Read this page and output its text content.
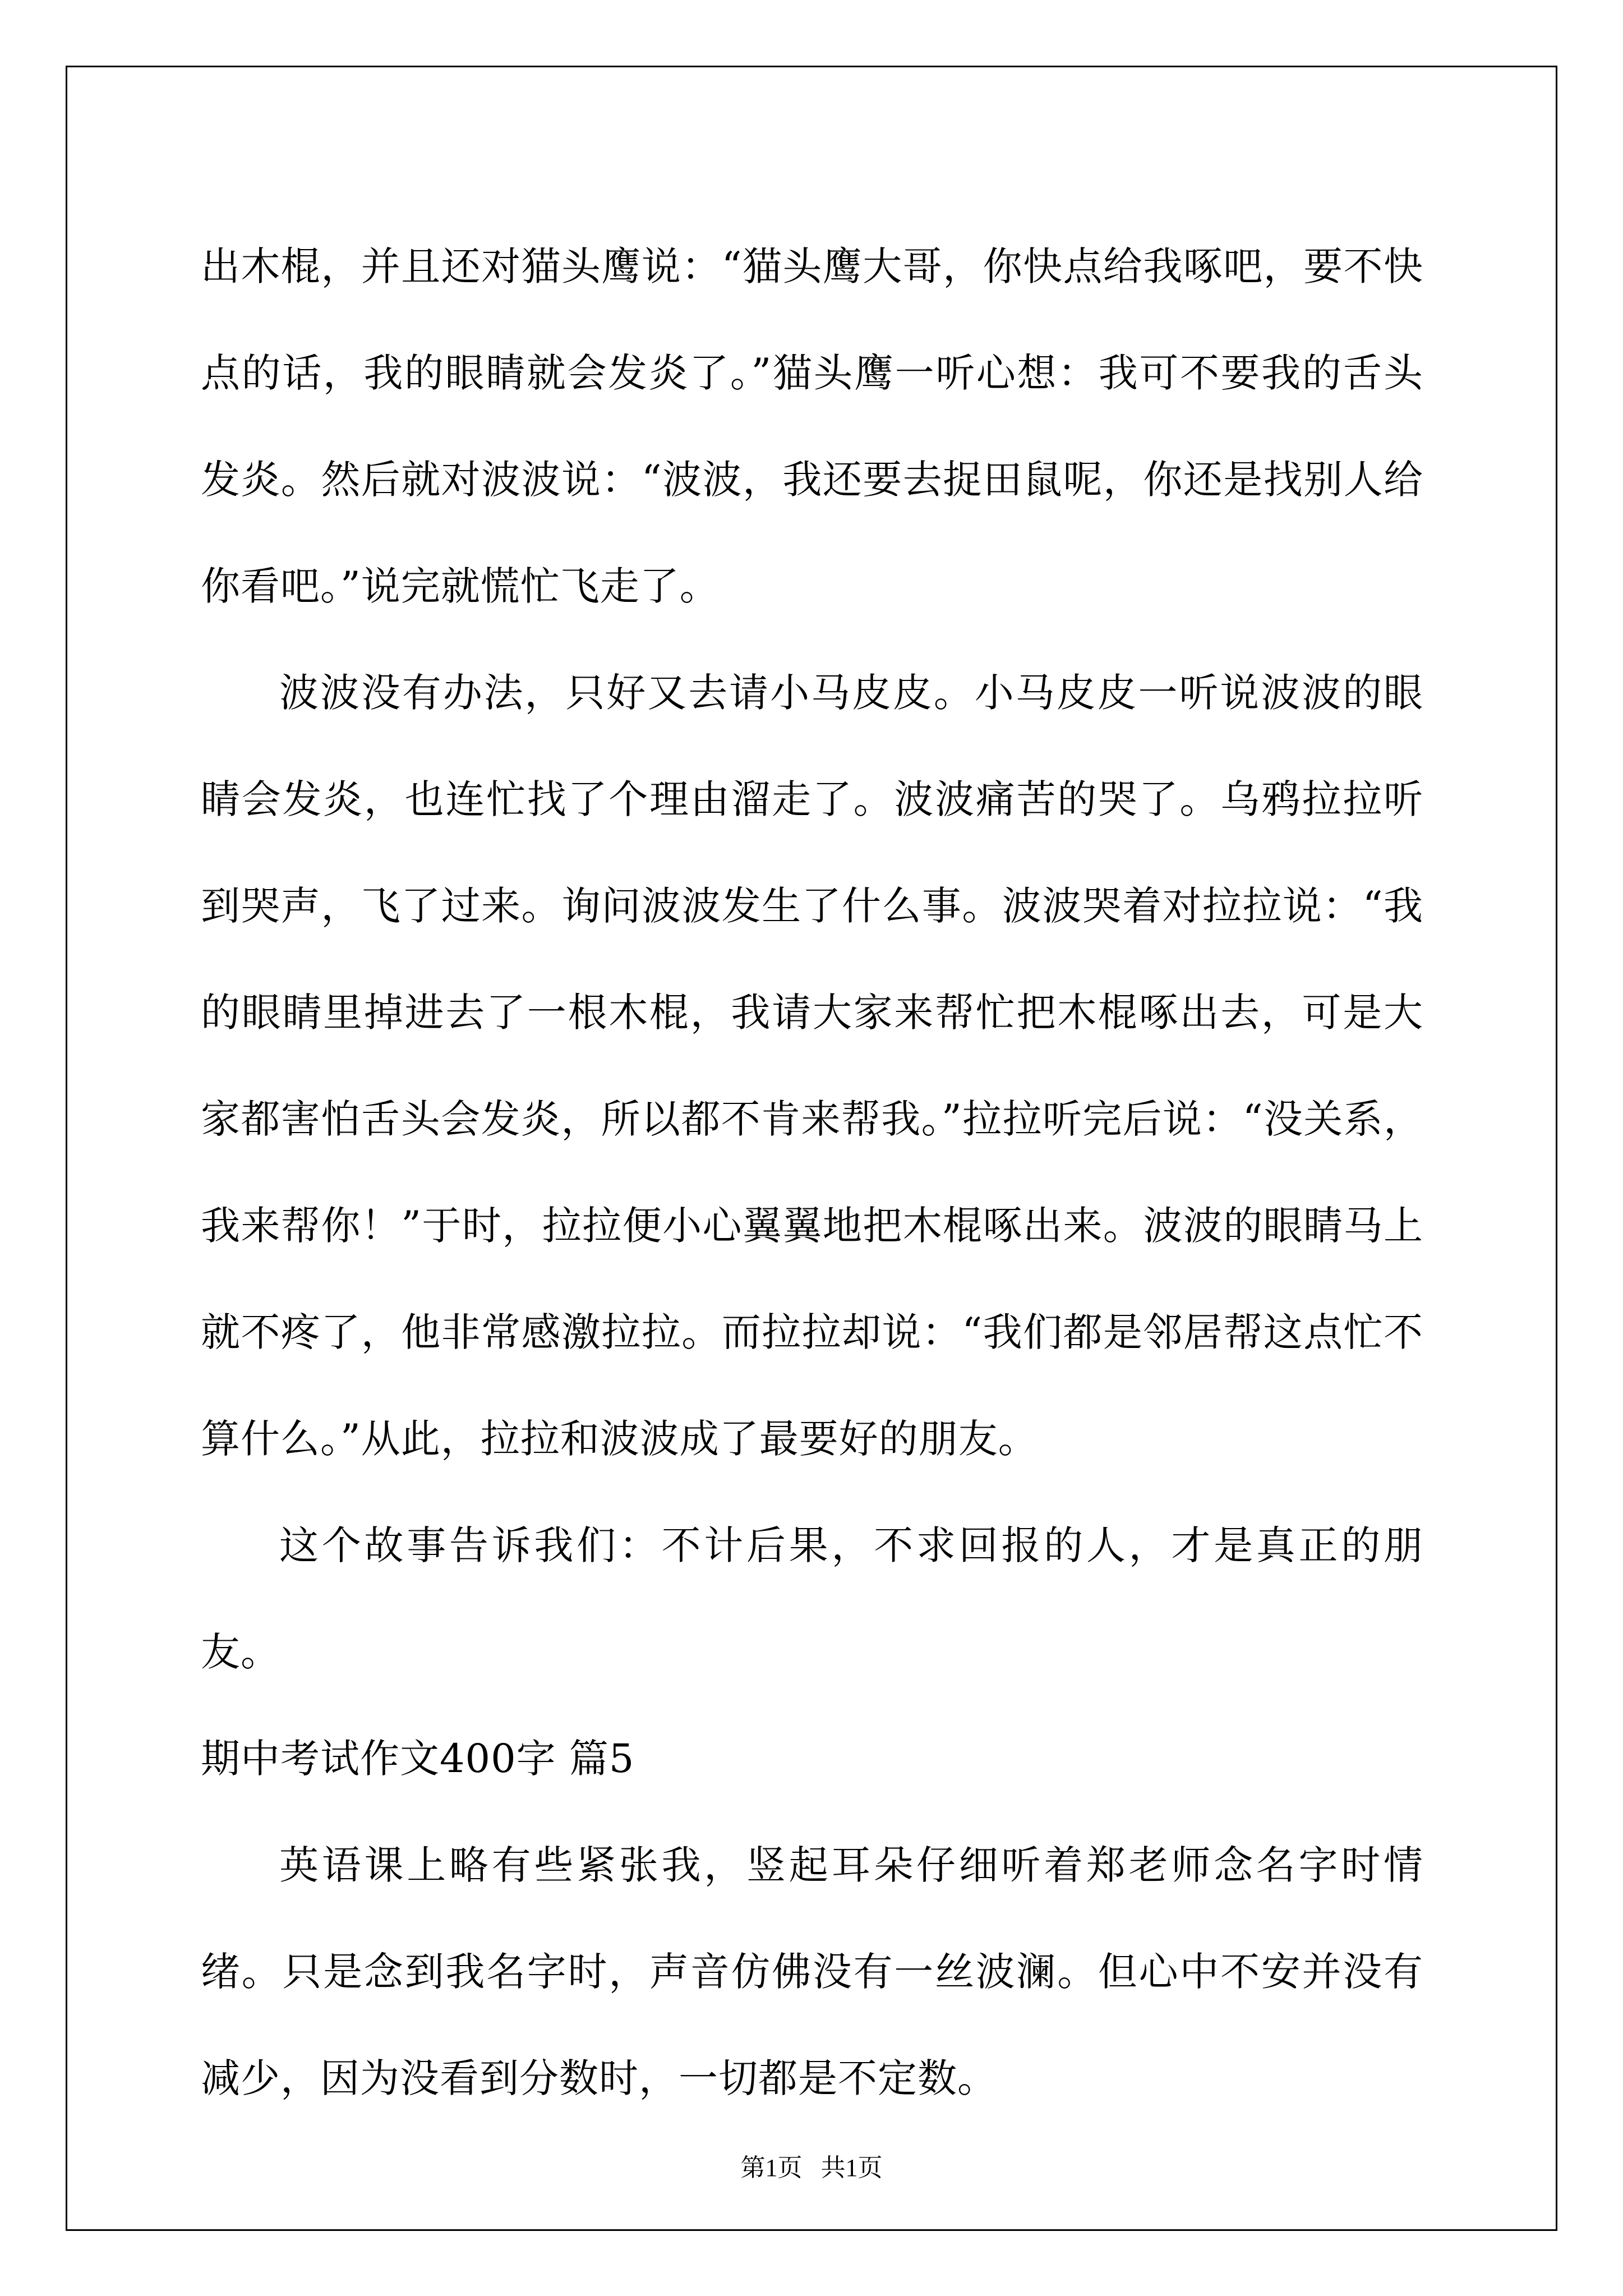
出木棍，并且还对猫头鹰说：“猫头鹰大哥，你快点给我啄吧，要不快点的话，我的眼睛就会发炎了。”猫头鹰一听心想：我可不要我的舌头发炎。然后就对波波说：“波波，我还要去捉田鼠呢，你还是找别人给你看吧。”说完就慌忙飞走了。

波波没有办法，只好又去请小马皮皮。小马皮皮一听说波波的眼睛会发炎，也连忙找了个理由溜走了。波波痛苦的哭了。乌鸦拉拉听到哭声，飞了过来。询问波波发生了什么事。波波哭着对拉拉说：“我的眼睛里掉进去了一根木棍，我请大家来帮忙把木棍啄出去，可是大家都害怕舌头会发炎，所以都不肯来帮我。”拉拉听完后说：“没关系，我来帮你！”于时，拉拉便小心翼翼地把木棍啄出来。波波的眼睛马上就不疼了，他非常感激拉拉。而拉拉却说：“我们都是邻居帮这点忙不算什么。”从此，拉拉和波波成了最要好的朋友。

这个故事告诉我们：不计后果，不求回报的人，才是真正的朋友。

期中考试作文400字 篇5

英语课上略有些紧张我，竖起耳朵仔细听着郑老师念名字时情绪。只是念到我名字时，声音仿佛没有一丝波澜。但心中不安并没有减少，因为没看到分数时，一切都是不定数。

第1页 共1页
